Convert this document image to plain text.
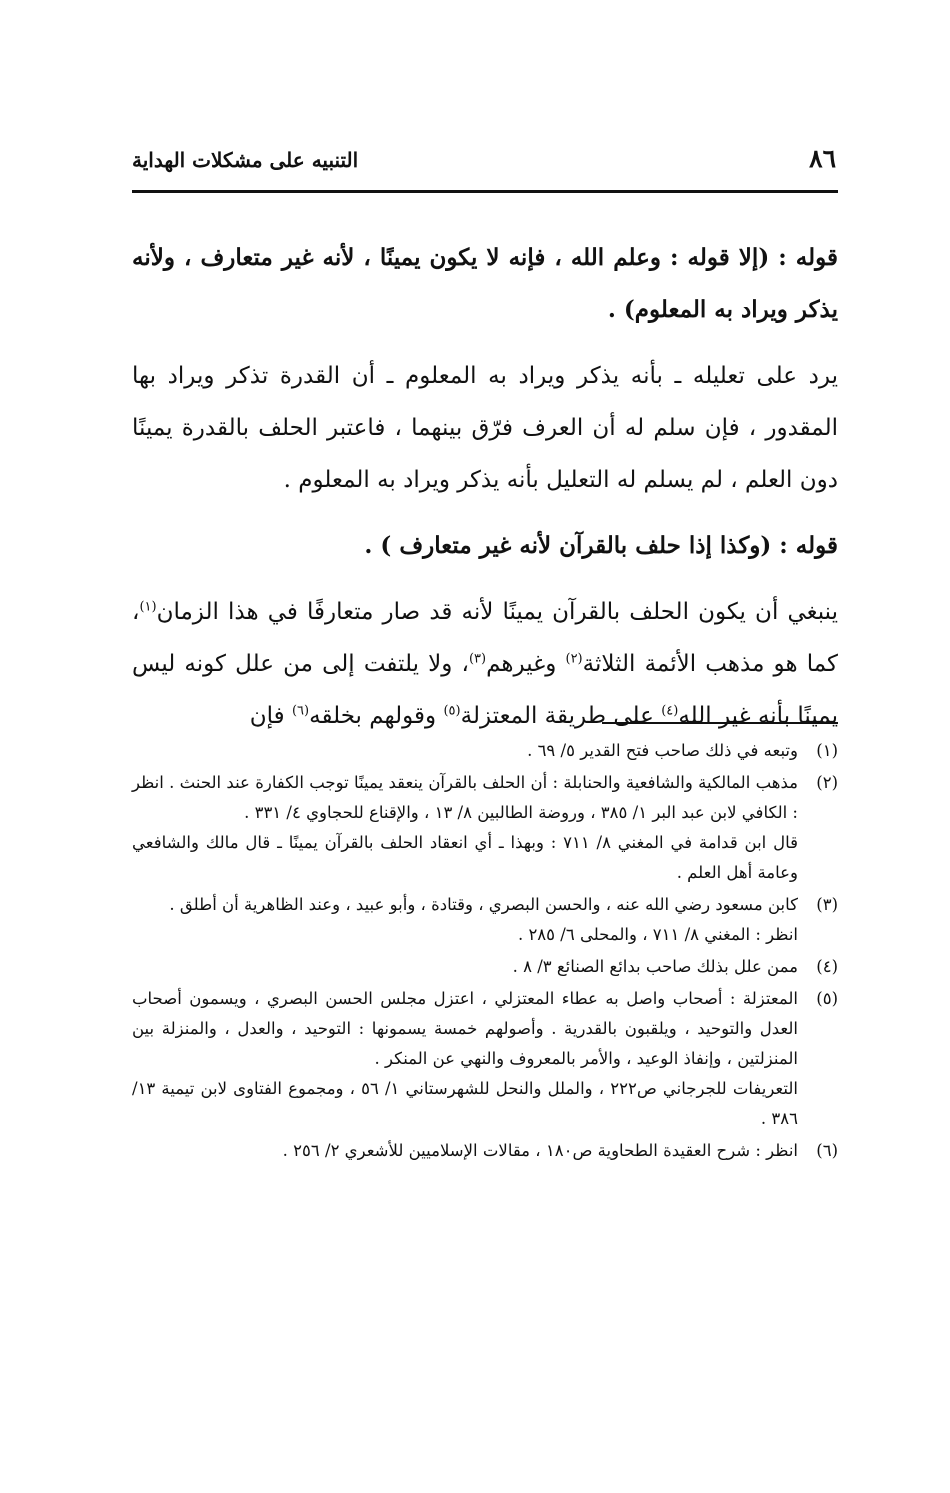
٨٦
التنبيه على مشكلات الهداية

قوله : (إلا قوله : وعلم الله ، فإنه لا يكون يمينًا ، لأنه غير متعارف ، ولأنه يذكر ويراد به المعلوم) .

يرد على تعليله ـ بأنه يذكر ويراد به المعلوم ـ أن القدرة تذكر ويراد بها المقدور ، فإن سلم له أن العرف فرّق بينهما ، فاعتبر الحلف بالقدرة يمينًا دون العلم ، لم يسلم له التعليل بأنه يذكر ويراد به المعلوم .

قوله : (وكذا إذا حلف بالقرآن لأنه غير متعارف ) .

ينبغي أن يكون الحلف بالقرآن يمينًا لأنه قد صار متعارفًا في هذا الزمان$^{(١)}$، كما هو مذهب الأئمة الثلاثة$^{(٢)}$ وغيرهم$^{(٣)}$، ولا يلتفت إلى من علل كونه ليس يمينًا بأنه غير الله$^{(٤)}$ على طريقة المعتزلة$^{(٥)}$ وقولهم بخلقه$^{(٦)}$ فإن

(١)

وتبعه في ذلك صاحب فتح القدير ٥/ ٦٩ .

(٢)

مذهب المالكية والشافعية والحنابلة : أن الحلف بالقرآن ينعقد يمينًا توجب الكفارة عند الحنث . انظر : الكافي لابن عبد البر ١/ ٣٨٥ ، وروضة الطالبين ٨/ ١٣ ، والإقناع للحجاوي ٤/ ٣٣١ .

قال ابن قدامة في المغني ٨/ ٧١١ : وبهذا ـ أي انعقاد الحلف بالقرآن يمينًا ـ قال مالك والشافعي وعامة أهل العلم .

(٣)

كابن مسعود رضي الله عنه ، والحسن البصري ، وقتادة ، وأبو عبيد ، وعند الظاهرية أن أطلق .

انظر : المغني ٨/ ٧١١ ، والمحلى ٦/ ٢٨٥ .

(٤)

ممن علل بذلك صاحب بدائع الصنائع ٣/ ٨ .

(٥)

المعتزلة : أصحاب واصل به عطاء المعتزلي ، اعتزل مجلس الحسن البصري ، ويسمون أصحاب العدل والتوحيد ، ويلقبون بالقدرية . وأصولهم خمسة يسمونها : التوحيد ، والعدل ، والمنزلة بين المنزلتين ، وإنفاذ الوعيد ، والأمر بالمعروف والنهي عن المنكر .

التعريفات للجرجاني ص٢٢٢ ، والملل والنحل للشهرستاني ١/ ٥٦ ، ومجموع الفتاوى لابن تيمية ١٣/ ٣٨٦ .

(٦)

انظر : شرح العقيدة الطحاوية ص١٨٠ ، مقالات الإسلاميين للأشعري ٢/ ٢٥٦ .
